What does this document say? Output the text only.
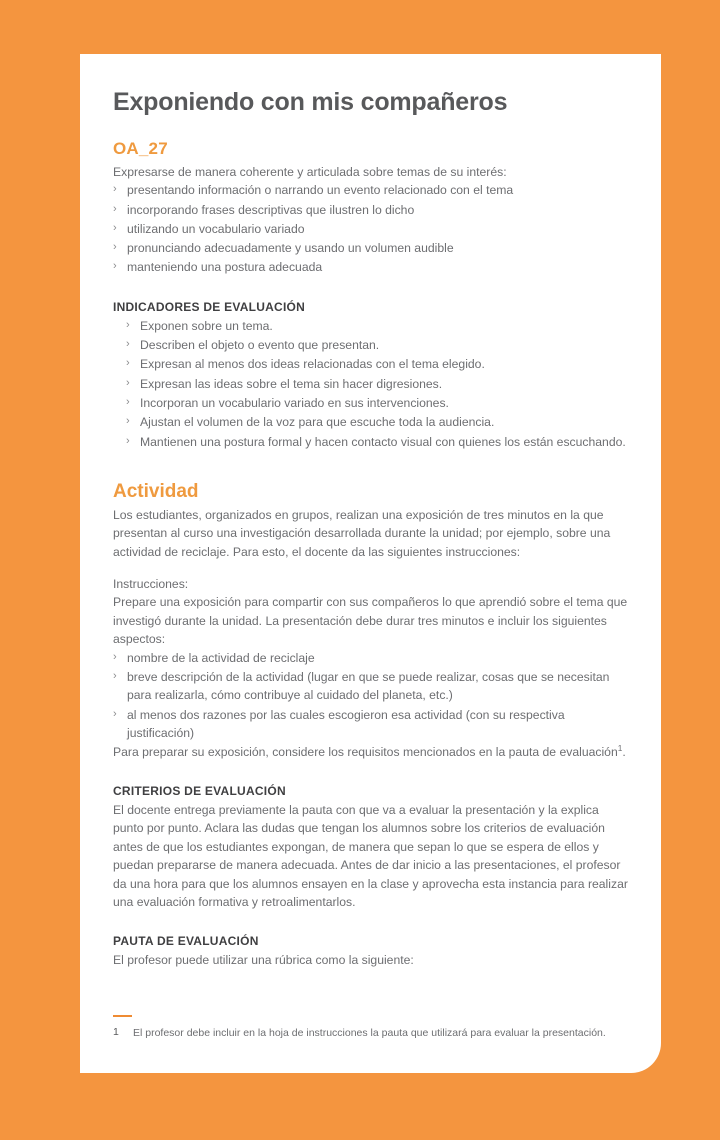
Exponiendo con mis compañeros
OA_27

Expresarse de manera coherente y articulada sobre temas de su interés:

› presentando información o narrando un evento relacionado con el tema
› incorporando frases descriptivas que ilustren lo dicho
› utilizando un vocabulario variado
› pronunciando adecuadamente y usando un volumen audible
› manteniendo una postura adecuada
INDICADORES DE EVALUACIÓN
› Exponen sobre un tema.
› Describen el objeto o evento que presentan.
› Expresan al menos dos ideas relacionadas con el tema elegido.
› Expresan las ideas sobre el tema sin hacer digresiones.
› Incorporan un vocabulario variado en sus intervenciones.
› Ajustan el volumen de la voz para que escuche toda la audiencia.
› Mantienen una postura formal y hacen contacto visual con quienes los están escuchando.
Actividad

Los estudiantes, organizados en grupos, realizan una exposición de tres minutos en la que presentan al curso una investigación desarrollada durante la unidad; por ejemplo, sobre una actividad de reciclaje. Para esto, el docente da las siguientes instrucciones:

Instrucciones:

Prepare una exposición para compartir con sus compañeros lo que aprendió sobre el tema que investigó durante la unidad. La presentación debe durar tres minutos e incluir los siguientes aspectos:

› nombre de la actividad de reciclaje
› breve descripción de la actividad (lugar en que se puede realizar, cosas que se necesitan para realizarla, cómo contribuye al cuidado del planeta, etc.)
› al menos dos razones por las cuales escogieron esa actividad (con su respectiva justificación)

Para preparar su exposición, considere los requisitos mencionados en la pauta de evaluación$^1$.

CRITERIOS DE EVALUACIÓN

El docente entrega previamente la pauta con que va a evaluar la presentación y la explica punto por punto. Aclara las dudas que tengan los alumnos sobre los criterios de evaluación antes de que los estudiantes expongan, de manera que sepan lo que se espera de ellos y puedan prepararse de manera adecuada. Antes de dar inicio a las presentaciones, el profesor da una hora para que los alumnos ensayen en la clase y aprovecha esta instancia para realizar una evaluación formativa y retroalimentarlos.

PAUTA DE EVALUACIÓN

El profesor puede utilizar una rúbrica como la siguiente:

1	El profesor debe incluir en la hoja de instrucciones la pauta que utilizará para evaluar la presentación.
